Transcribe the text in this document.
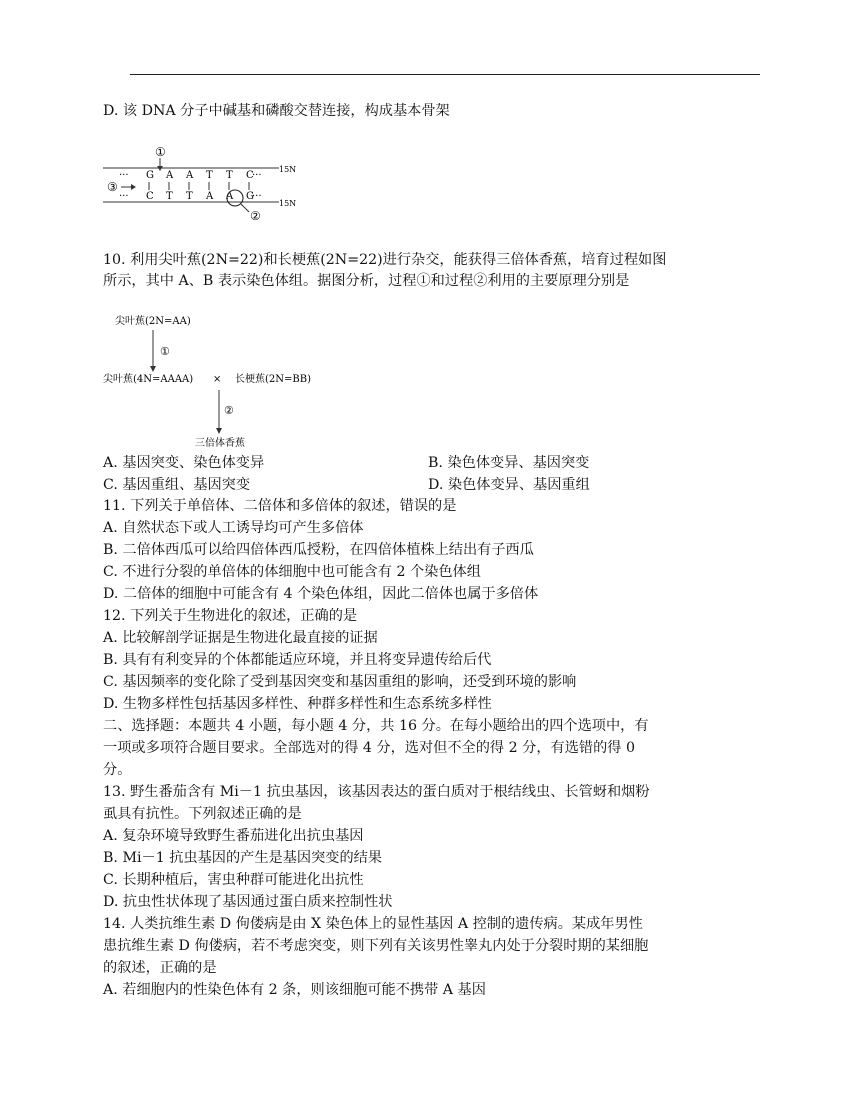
D. 该 DNA 分子中碱基和磷酸交替连接，构成基本骨架
15N
15N
①
···	···
···	···
③
G
C
A
T
A
T
T
A
T
A
C
G
②
10. 利用尖叶蕉(2N=22)和长梗蕉(2N=22)进行杂交，能获得三倍体香蕉，培育过程如图
所示，其中 A、B 表示染色体组。据图分析，过程①和过程②利用的主要原理分别是
尖叶蕉(2N=AA)
①
尖叶蕉(4N=AAAA) × 长梗蕉(2N=BB)
②
三倍体香蕉
A. 基因突变、染色体变异	B. 染色体变异、基因突变
C. 基因重组、基因突变	D. 染色体变异、基因重组
11. 下列关于单倍体、二倍体和多倍体的叙述，错误的是
A. 自然状态下或人工诱导均可产生多倍体
B. 二倍体西瓜可以给四倍体西瓜授粉，在四倍体植株上结出有子西瓜
C. 不进行分裂的单倍体的体细胞中也可能含有 2 个染色体组
D. 二倍体的细胞中可能含有 4 个染色体组，因此二倍体也属于多倍体
12. 下列关于生物进化的叙述，正确的是
A. 比较解剖学证据是生物进化最直接的证据
B. 具有有利变异的个体都能适应环境，并且将变异遗传给后代
C. 基因频率的变化除了受到基因突变和基因重组的影响，还受到环境的影响
D. 生物多样性包括基因多样性、种群多样性和生态系统多样性
二、选择题：本题共 4 小题，每小题 4 分，共 16 分。在每小题给出的四个选项中，有
一项或多项符合题目要求。全部选对的得 4 分，选对但不全的得 2 分，有选错的得 0
分。
13. 野生番茄含有 Mi－1 抗虫基因，该基因表达的蛋白质对于根结线虫、长管蚜和烟粉
虱具有抗性。下列叙述正确的是
A. 复杂环境导致野生番茄进化出抗虫基因
B. Mi－1 抗虫基因的产生是基因突变的结果
C. 长期种植后，害虫种群可能进化出抗性
D. 抗虫性状体现了基因通过蛋白质来控制性状
14. 人类抗维生素 D 佝偻病是由 X 染色体上的显性基因 A 控制的遗传病。某成年男性
患抗维生素 D 佝偻病，若不考虑突变，则下列有关该男性睾丸内处于分裂时期的某细胞
的叙述，正确的是
A. 若细胞内的性染色体有 2 条，则该细胞可能不携带 A 基因
